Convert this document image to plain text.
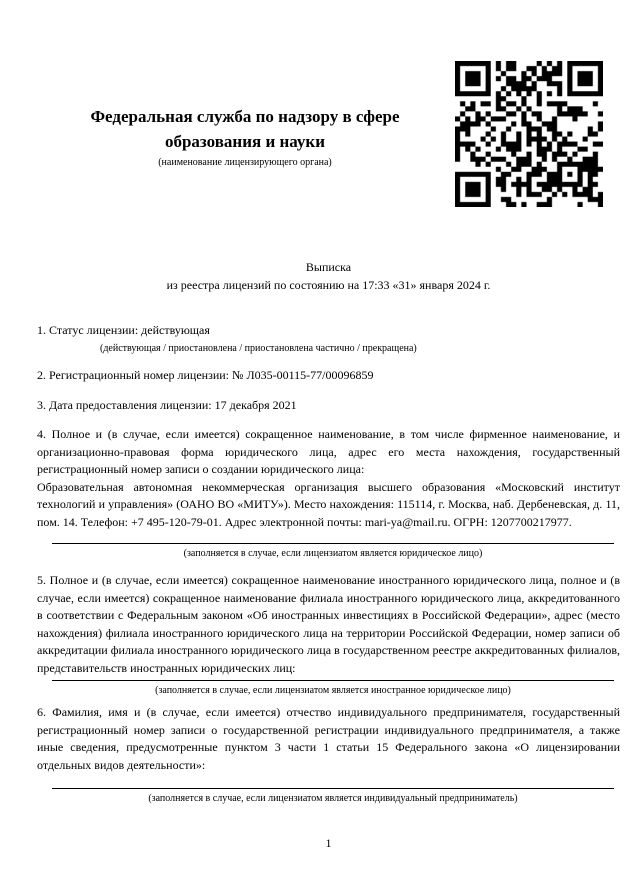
Федеральная служба по надзору в сфере
образования и науки
(наименование лицензирующего органа)
Выписка
из реестра лицензий по состоянию на 17:33 «31» января 2024 г.

1. Статус лицензии: действующая

(действующая / приостановлена / приостановлена частично / прекращена)

2. Регистрационный номер лицензии: № Л035-00115-77/00096859

3. Дата предоставления лицензии: 17 декабря 2021

4. Полное и (в случае, если имеется) сокращенное наименование, в том числе фирменное наименование, и организационно-правовая форма юридического лица, адрес его места нахождения, государственный регистрационный номер записи о создании юридического лица:

Образовательная автономная некоммерческая организация высшего образования «Московский институт технологий и управления» (ОАНО ВО «МИТУ»). Место нахождения: 115114, г. Москва, наб. Дербеневская, д. 11, пом. 14. Телефон: +7 495-120-79-01. Адрес электронной почты: mari-ya@mail.ru. ОГРН: 1207700217977.

(заполняется в случае, если лицензиатом является юридическое лицо)

5. Полное и (в случае, если имеется) сокращенное наименование иностранного юридического лица, полное и (в случае, если имеется) сокращенное наименование филиала иностранного юридического лица, аккредитованного в соответствии с Федеральным законом «Об иностранных инвестициях в Российской Федерации», адрес (место нахождения) филиала иностранного юридического лица на территории Российской Федерации, номер записи об аккредитации филиала иностранного юридического лица в государственном реестре аккредитованных филиалов, представительств иностранных юридических лиц:

(заполняется в случае, если лицензиатом является иностранное юридическое лицо)

6. Фамилия, имя и (в случае, если имеется) отчество индивидуального предпринимателя, государственный регистрационный номер записи о государственной регистрации индивидуального предпринимателя, а также иные сведения, предусмотренные пунктом 3 части 1 статьи 15 Федерального закона «О лицензировании отдельных видов деятельности»:

(заполняется в случае, если лицензиатом является индивидуальный предприниматель)
1
